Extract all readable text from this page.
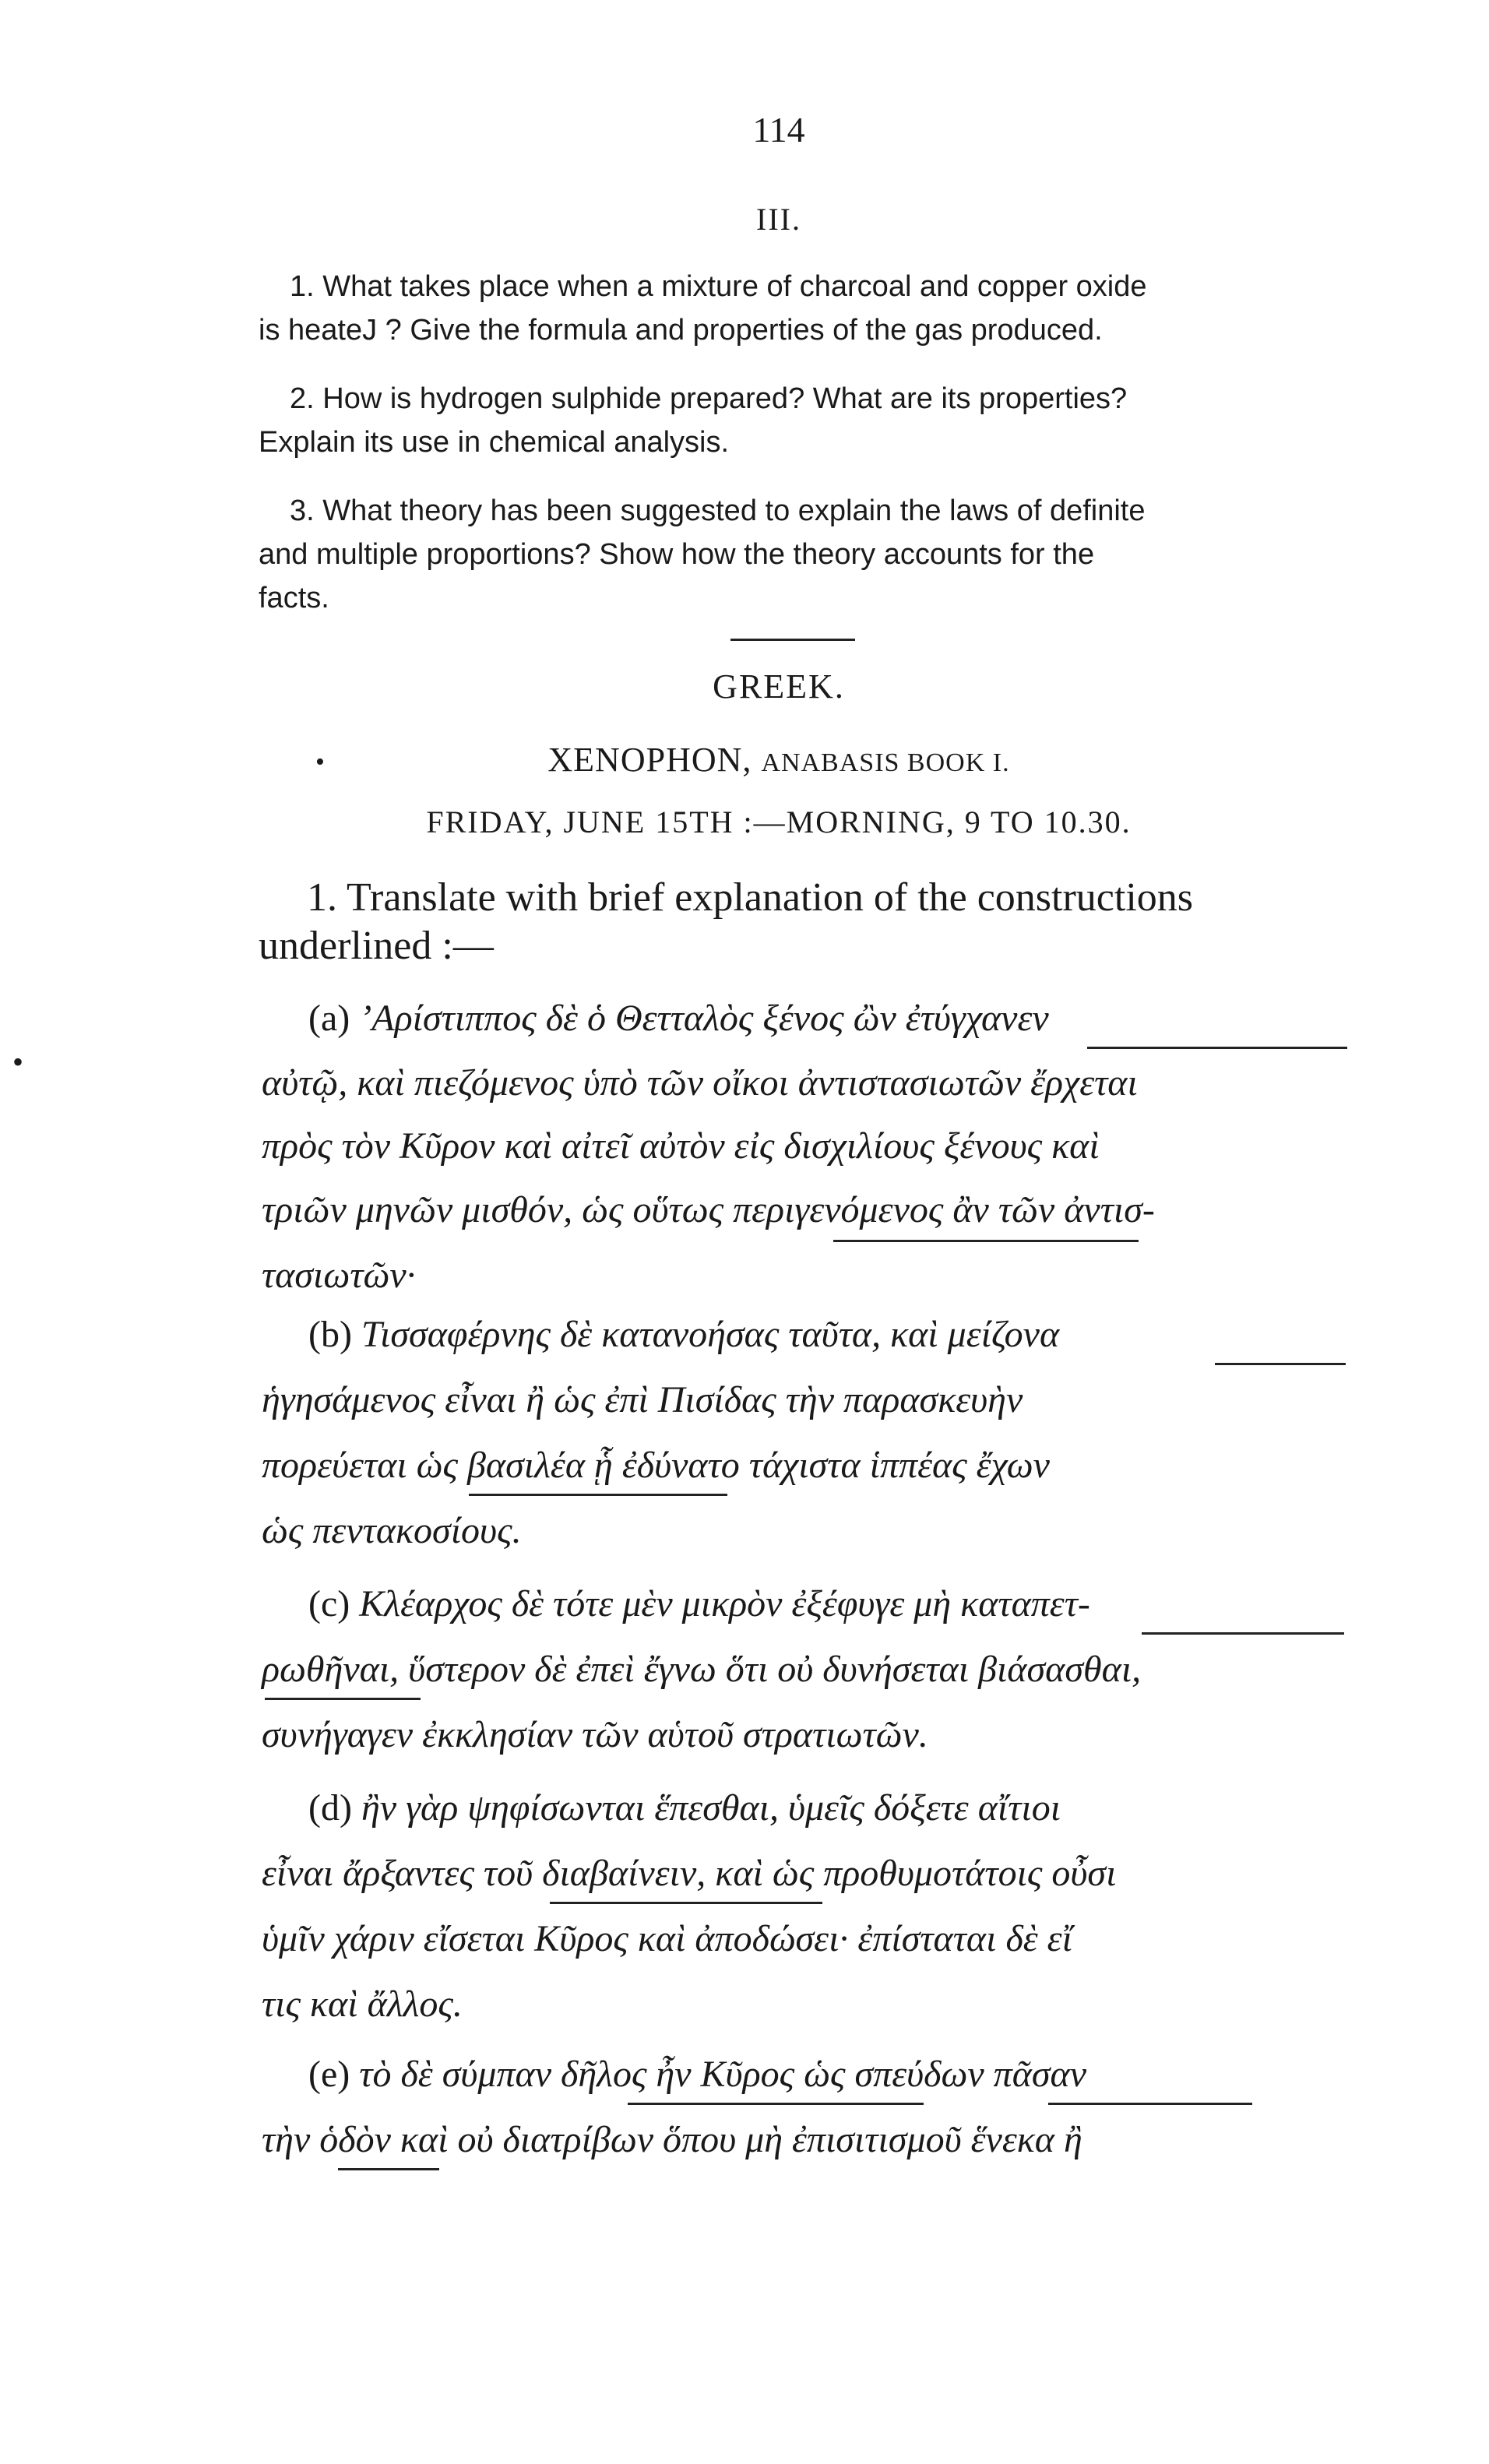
114
III.
1. What takes place when a mixture of charcoal and copper oxide
is heateJ ? Give the formula and properties of the gas produced.
2. How is hydrogen sulphide prepared? What are its properties?
Explain its use in chemical analysis.
3. What theory has been suggested to explain the laws of definite
and multiple proportions? Show how the theory accounts for the
facts.
GREEK.
•	XENOPHON, ANABASIS BOOK I.
FRIDAY, JUNE 15TH :—MORNING, 9 TO 10.30.
1. Translate with brief explanation of the constructions
underlined :—
(a) ’Αρίστιππος δὲ ὁ Θετταλὸς ξένος ὢν ἐτύγχανεν
αὐτῷ, καὶ πιεζόμενος ὑπὸ τῶν οἴκοι ἀντιστασιωτῶν ἔρχεται
πρὸς τὸν Κῦρον καὶ αἰτεῖ αὐτὸν εἰς δισχιλίους ξένους καὶ
τριῶν μηνῶν μισθόν, ὡς οὕτως περιγενόμενος ἂν τῶν ἀντισ-
τασιωτῶν·
(b) Τισσαφέρνης δὲ κατανοήσας ταῦτα, καὶ μείζονα
ἡγησάμενος εἶναι ἢ ὡς ἐπὶ Πισίδας τὴν παρασκευὴν
πορεύεται ὡς βασιλέα ᾗ ἐδύνατο τάχιστα ἱππέας ἔχων
ὡς πεντακοσίους.
(c) Κλέαρχος δὲ τότε μὲν μικρὸν ἐξέφυγε μὴ καταπετ-
ρωθῆναι, ὕστερον δὲ ἐπεὶ ἔγνω ὅτι οὐ δυνήσεται βιάσασθαι,
συνήγαγεν ἐκκλησίαν τῶν αὑτοῦ στρατιωτῶν.
(d) ἢν γὰρ ψηφίσωνται ἕπεσθαι, ὑμεῖς δόξετε αἴτιοι
εἶναι ἄρξαντες τοῦ διαβαίνειν, καὶ ὡς προθυμοτάτοις οὖσι
ὑμῖν χάριν εἴσεται Κῦρος καὶ ἀποδώσει· ἐπίσταται δὲ εἴ
τις καὶ ἄλλος.
(e) τὸ δὲ σύμπαν δῆλος ἦν Κῦρος ὡς σπεύδων πᾶσαν
τὴν ὁδὸν καὶ οὐ διατρίβων ὅπου μὴ ἐπισιτισμοῦ ἕνεκα ἢ
•
